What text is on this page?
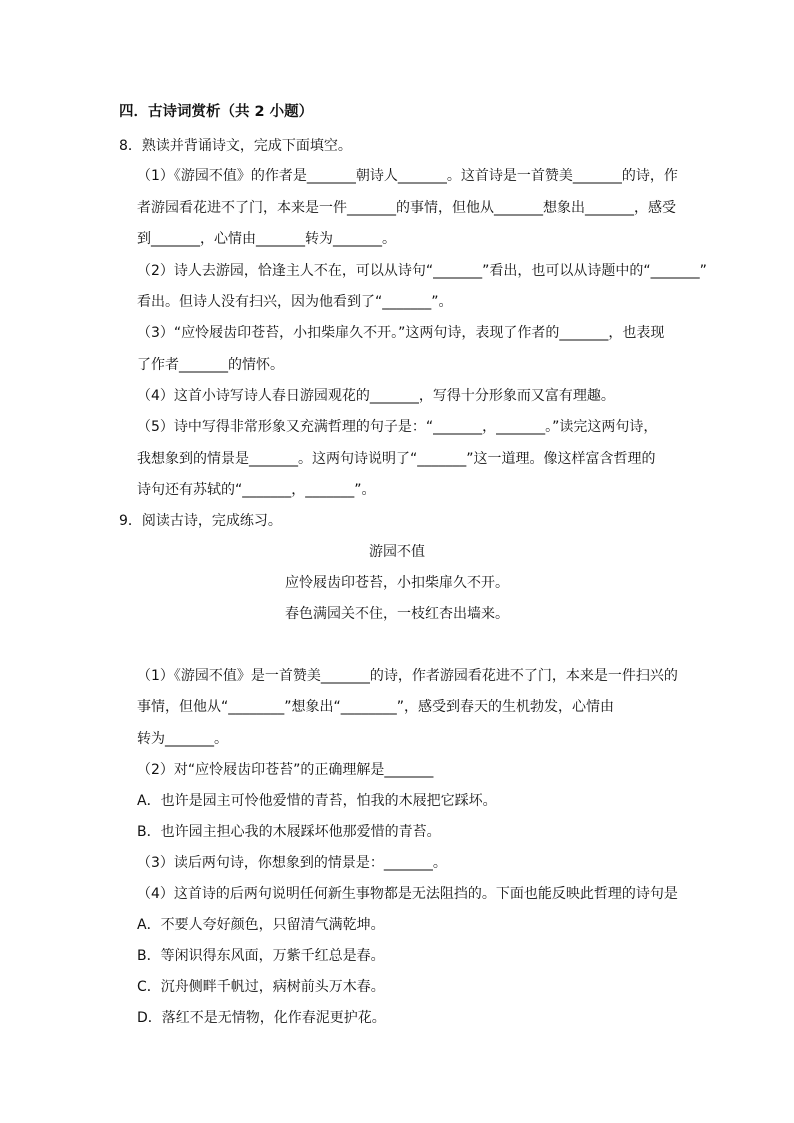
四．古诗词赏析（共 2 小题）
8．熟读并背诵诗文，完成下面填空。
（1）《游园不值》的作者是_______朝诗人_______。这首诗是一首赞美_______的诗，作
者游园看花进不了门，本来是一件_______的事情，但他从_______想象出_______，感受
到_______，心情由_______转为_______。
（2）诗人去游园，恰逢主人不在，可以从诗句“_______”看出，也可以从诗题中的“_______”
看出。但诗人没有扫兴，因为他看到了“_______”。
（3）“应怜屐齿印苍苔，小扣柴扉久不开。”这两句诗，表现了作者的_______，也表现
了作者_______的情怀。
（4）这首小诗写诗人春日游园观花的_______，写得十分形象而又富有理趣。
（5）诗中写得非常形象又充满哲理的句子是：“_______，_______。”读完这两句诗，
我想象到的情景是_______。这两句诗说明了“_______”这一道理。像这样富含哲理的
诗句还有苏轼的“_______，_______”。
9．阅读古诗，完成练习。
游园不值
应怜屐齿印苍苔，小扣柴扉久不开。
春色满园关不住，一枝红杏出墙来。
（1）《游园不值》是一首赞美_______的诗，作者游园看花进不了门，本来是一件扫兴的
事情，但他从“________”想象出“________”，感受到春天的生机勃发，心情由
转为_______。
（2）对“应怜屐齿印苍苔”的正确理解是_______
A．也许是园主可怜他爱惜的青苔，怕我的木屐把它踩坏。
B．也许园主担心我的木屐踩坏他那爱惜的青苔。
（3）读后两句诗，你想象到的情景是：_______。
（4）这首诗的后两句说明任何新生事物都是无法阻挡的。下面也能反映此哲理的诗句是
A．不要人夸好颜色，只留清气满乾坤。
B．等闲识得东风面，万紫千红总是春。
C．沉舟侧畔千帆过，病树前头万木春。
D．落红不是无情物，化作春泥更护花。
